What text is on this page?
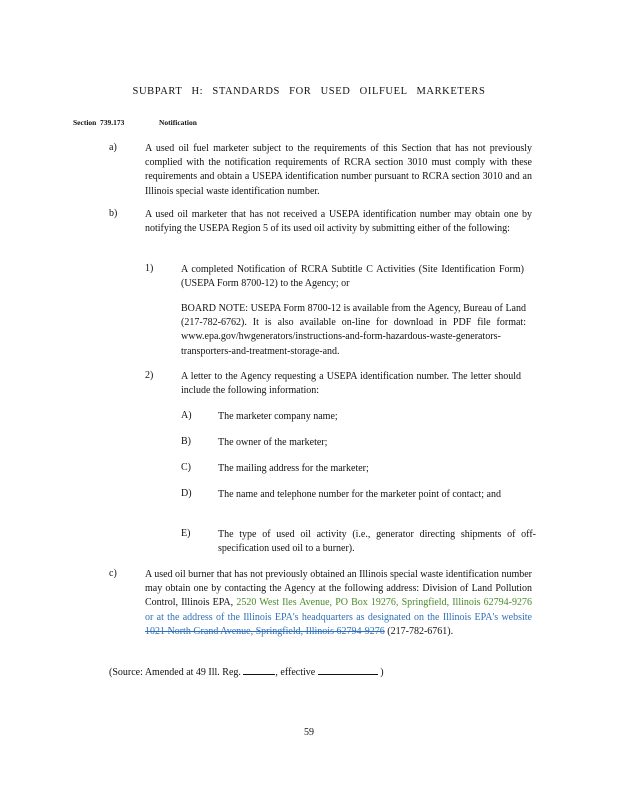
SUBPART H: STANDARDS FOR USED OILFUEL MARKETERS
Section 739.173	Notification
a)	A used oil fuel marketer subject to the requirements of this Section that has not previously complied with the notification requirements of RCRA section 3010 must comply with these requirements and obtain a USEPA identification number pursuant to RCRA section 3010 and an Illinois special waste identification number.
b)	A used oil marketer that has not received a USEPA identification number may obtain one by notifying the USEPA Region 5 of its used oil activity by submitting either of the following:
1)	A completed Notification of RCRA Subtitle C Activities (Site Identification Form) (USEPA Form 8700-12) to the Agency; or
BOARD NOTE: USEPA Form 8700-12 is available from the Agency, Bureau of Land (217-782-6762). It is also available on-line for download in PDF file format: www.epa.gov/hwgenerators/instructions-and-form-hazardous-waste-generators-transporters-and-treatment-storage-and.
2)	A letter to the Agency requesting a USEPA identification number. The letter should include the following information:
A)	The marketer company name;
B)	The owner of the marketer;
C)	The mailing address for the marketer;
D)	The name and telephone number for the marketer point of contact; and
E)	The type of used oil activity (i.e., generator directing shipments of off-specification used oil to a burner).
c)	A used oil burner that has not previously obtained an Illinois special waste identification number may obtain one by contacting the Agency at the following address: Division of Land Pollution Control, Illinois EPA, 2520 West Iles Avenue, PO Box 19276, Springfield, Illinois 62794-9276 or at the address of the Illinois EPA's headquarters as designated on the Illinois EPA's website 1021 North Grand Avenue, Springfield, Illinois 62794-9276 (217-782-6761).
(Source: Amended at 49 Ill. Reg.	, effective	)
59
